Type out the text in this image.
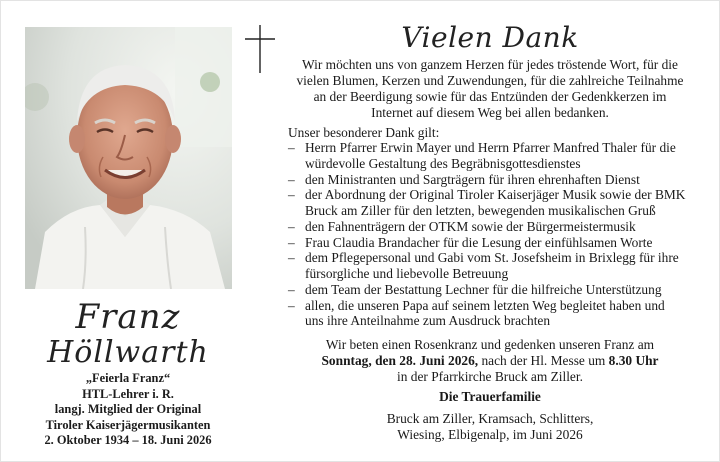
Franz
Höllwarth
„Feierla Franz“
HTL-Lehrer i. R.
langj. Mitglied der Original
Tiroler Kaiserjägermusikanten
2. Oktober 1934 – 18. Juni 2026
Vielen Dank
Wir möchten uns von ganzem Herzen für jedes tröstende Wort, für die
vielen Blumen, Kerzen und Zuwendungen, für die zahlreiche Teilnahme
an der Beerdigung sowie für das Entzünden der Gedenkkerzen im
Internet auf diesem Weg bei allen bedanken.
Unser besonderer Dank gilt:
– Herrn Pfarrer Erwin Mayer und Herrn Pfarrer Manfred Thaler für die
würdevolle Gestaltung des Begräbnisgottesdienstes
– den Ministranten und Sargträgern für ihren ehrenhaften Dienst
– der Abordnung der Original Tiroler Kaiserjäger Musik sowie der BMK
Bruck am Ziller für den letzten, bewegenden musikalischen Gruß
– den Fahnenträgern der OTKM sowie der Bürgermeistermusik
– Frau Claudia Brandacher für die Lesung der einfühlsamen Worte
– dem Pflegepersonal und Gabi vom St. Josefsheim in Brixlegg für ihre
fürsorgliche und liebevolle Betreuung
– dem Team der Bestattung Lechner für die hilfreiche Unterstützung
– allen, die unseren Papa auf seinem letzten Weg begleitet haben und
uns ihre Anteilnahme zum Ausdruck brachten
Wir beten einen Rosenkranz und gedenken unseren Franz am
Sonntag, den 28. Juni 2026, nach der Hl. Messe um 8.30 Uhr
in der Pfarrkirche Bruck am Ziller.
Die Trauerfamilie
Bruck am Ziller, Kramsach, Schlitters,
Wiesing, Elbigenalp, im Juni 2026
